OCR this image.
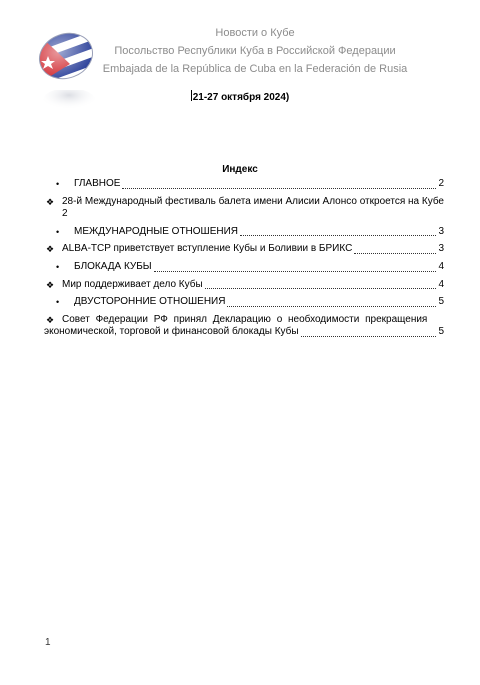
Новости о Кубе
Посольство Республики Куба в Российской Федерации
Embajada de la República de Cuba en la Federación de Rusia
21-27 октября 2024)
Индекс
•	ГЛАВНОЕ	2
❖ 28-й Международный фестиваль балета имени Алисии Алонсо откроется на Кубе
2
•	МЕЖДУНАРОДНЫЕ ОТНОШЕНИЯ	3
❖ ALBA-TCP приветствует вступление Кубы и Боливии в БРИКС	3
•	БЛОКАДА КУБЫ	4
❖ Мир поддерживает дело Кубы	4
•	ДВУСТОРОННИЕ ОТНОШЕНИЯ	5
❖ Совет Федерации РФ принял Декларацию о необходимости прекращения
экономической, торговой и финансовой блокады Кубы	5
1
